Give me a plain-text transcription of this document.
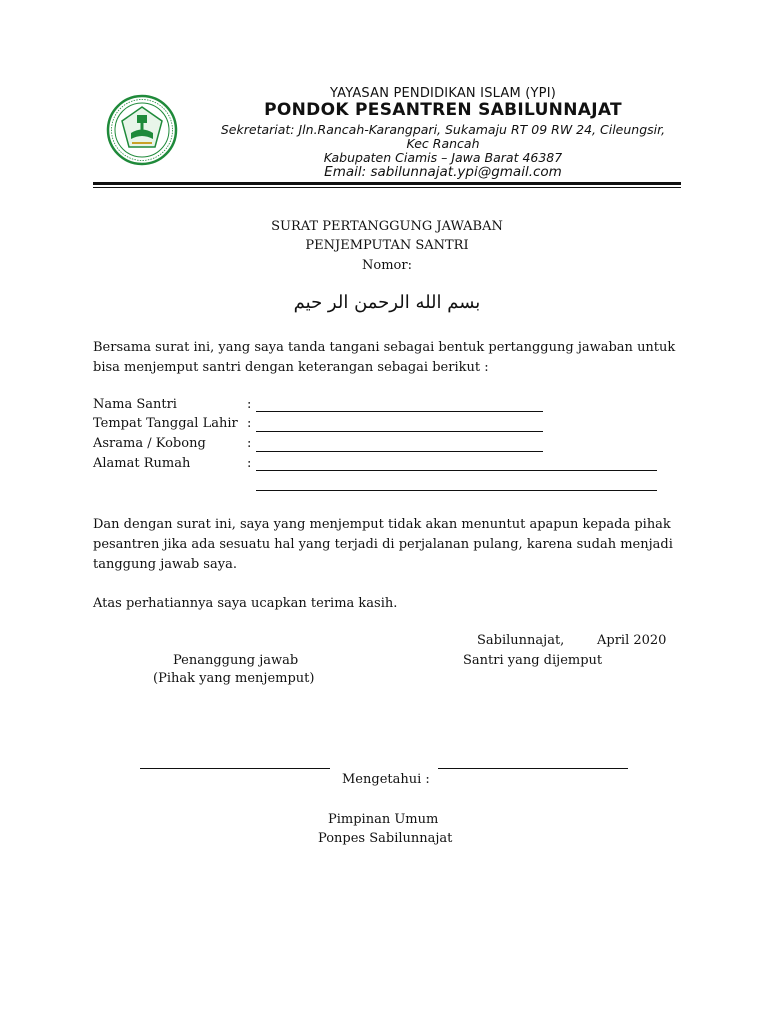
YAYASAN PENDIDIKAN ISLAM (YPI)
PONDOK PESANTREN SABILUNNAJAT
Sekretariat: Jln.Rancah-Karangpari, Sukamaju RT 09 RW 24, Cileungsir,
Kec Rancah
Kabupaten Ciamis – Jawa Barat 46387
Email: sabilunnajat.ypi@gmail.com
SURAT PERTANGGUNG JAWABAN
PENJEMPUTAN SANTRI
Nomor:
بسم الله الرحمن الر حيم
Bersama surat ini, yang saya tanda tangani sebagai bentuk pertanggung jawaban untuk
bisa menjemput santri dengan keterangan sebagai berikut :
Nama Santri	:
Tempat Tanggal Lahir :
Asrama / Kobong	:
Alamat Rumah	:
Dan dengan surat ini, saya yang menjemput tidak akan menuntut apapun kepada pihak
pesantren jika ada sesuatu hal yang terjadi di perjalanan pulang, karena sudah menjadi
tanggung jawab saya.
Atas perhatiannya saya ucapkan terima kasih.
Sabilunnajat,	April 2020
Penanggung jawab
(Pihak yang menjemput)
Santri yang dijemput
Mengetahui :
Pimpinan Umum
Ponpes Sabilunnajat
